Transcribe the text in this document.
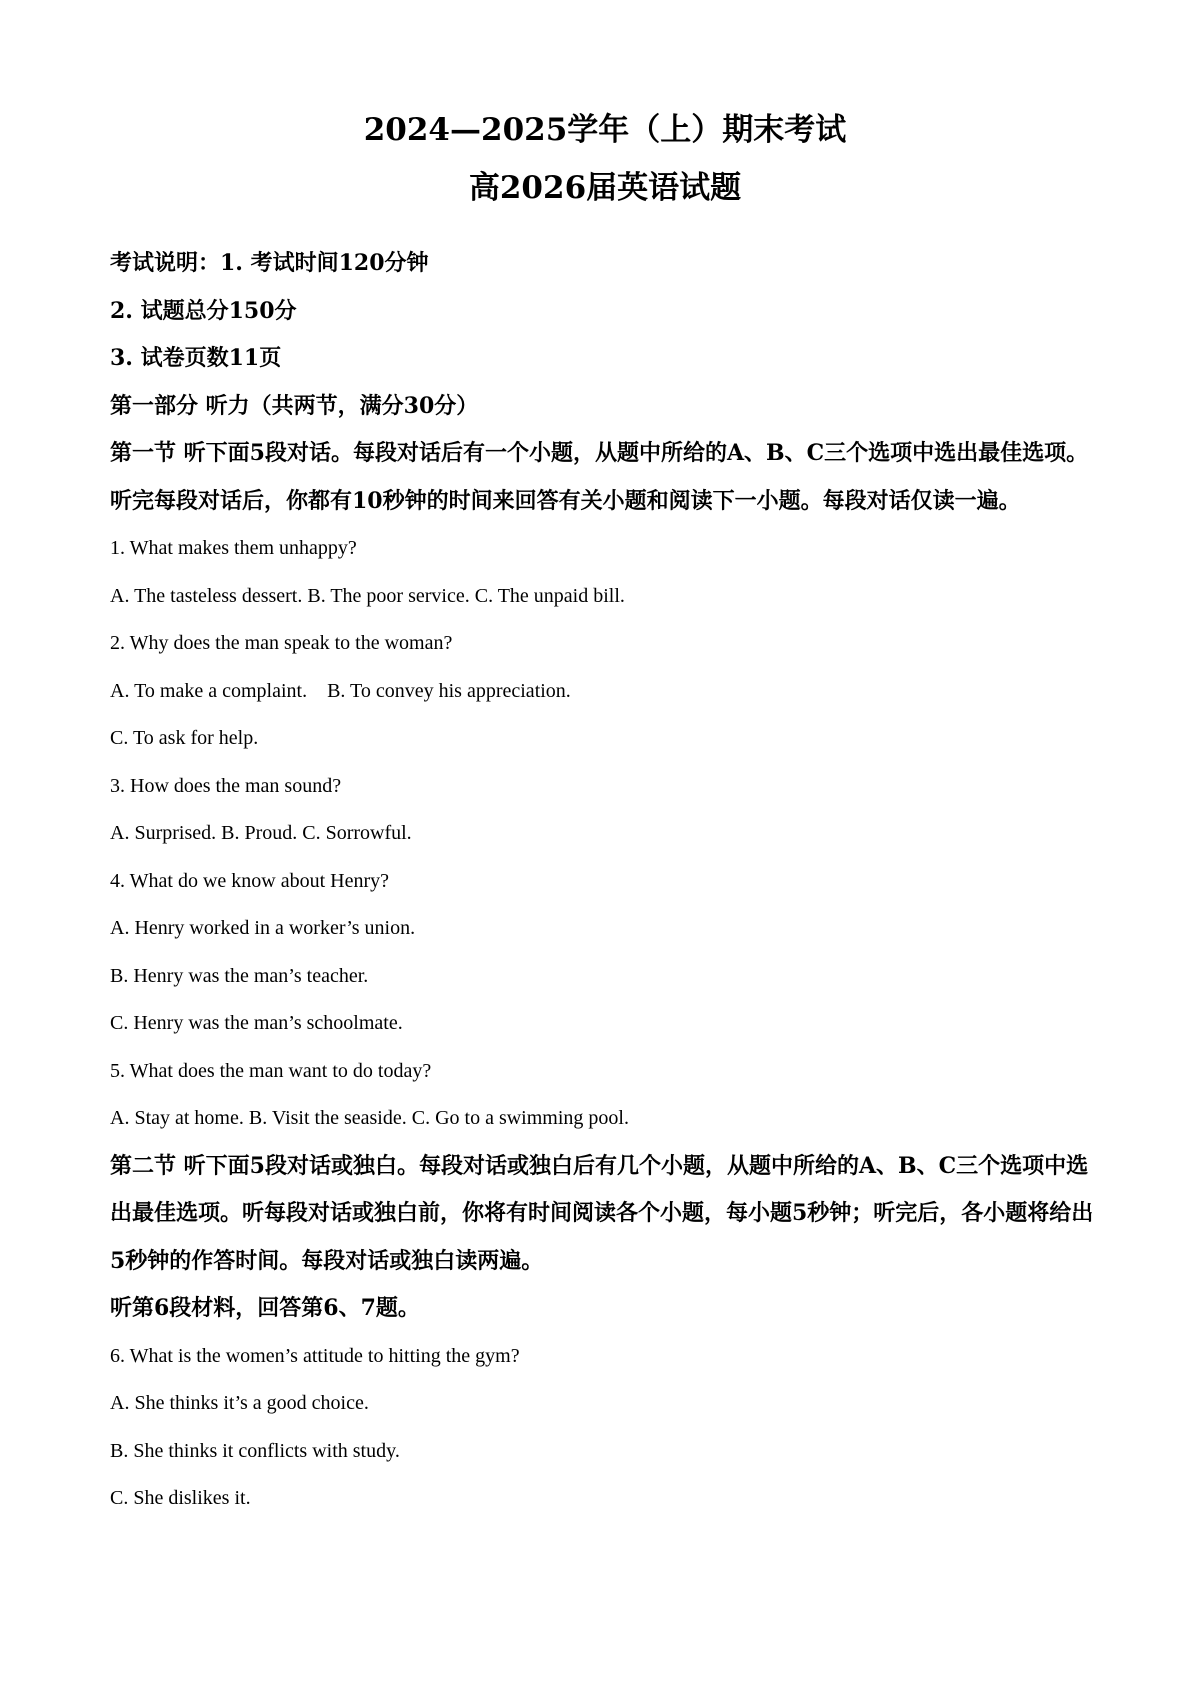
2024—2025学年（上）期末考试
高2026届英语试题
考试说明：1. 考试时间120分钟
2. 试题总分150分
3. 试卷页数11页
第一部分 听力（共两节，满分30分）

第一节 听下面5段对话。每段对话后有一个小题，从题中所给的A、B、C三个选项中选出最佳选项。听完每段对话后，你都有10秒钟的时间来回答有关小题和阅读下一小题。每段对话仅读一遍。

1. What makes them unhappy?
A. The tasteless dessert. B. The poor service. C. The unpaid bill.
2. Why does the man speak to the woman?
A. To make a complaint.    B. To convey his appreciation.
C. To ask for help.
3. How does the man sound?
A. Surprised. B. Proud. C. Sorrowful.
4. What do we know about Henry?
A. Henry worked in a worker’s union.
B. Henry was the man’s teacher.
C. Henry was the man’s schoolmate.
5. What does the man want to do today?
A. Stay at home. B. Visit the seaside. C. Go to a swimming pool.

第二节 听下面5段对话或独白。每段对话或独白后有几个小题，从题中所给的A、B、C三个选项中选出最佳选项。听每段对话或独白前，你将有时间阅读各个小题，每小题5秒钟；听完后，各小题将给出5秒钟的作答时间。每段对话或独白读两遍。

听第6段材料，回答第6、7题。
6. What is the women’s attitude to hitting the gym?
A. She thinks it’s a good choice.
B. She thinks it conflicts with study.
C. She dislikes it.
